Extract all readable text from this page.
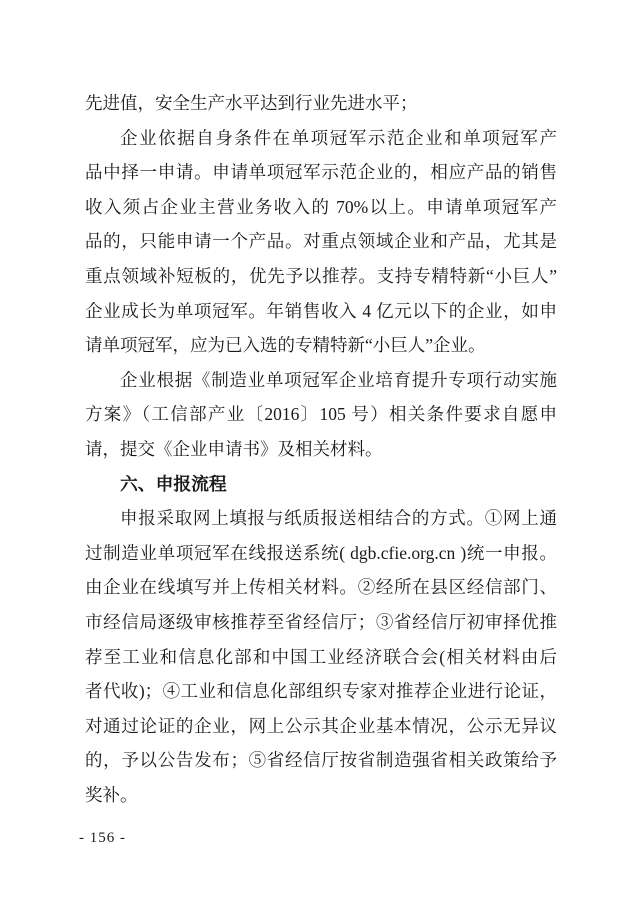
先进值，安全生产水平达到行业先进水平；
企业依据自身条件在单项冠军示范企业和单项冠军产
品中择一申请。申请单项冠军示范企业的，相应产品的销售
收入须占企业主营业务收入的 70%以上。申请单项冠军产
品的，只能申请一个产品。对重点领域企业和产品，尤其是
重点领域补短板的，优先予以推荐。支持专精特新“小巨人”
企业成长为单项冠军。年销售收入 4 亿元以下的企业，如申
请单项冠军，应为已入选的专精特新“小巨人”企业。
企业根据《制造业单项冠军企业培育提升专项行动实施
方案》（工信部产业〔2016〕105 号）相关条件要求自愿申
请，提交《企业申请书》及相关材料。
六、申报流程
申报采取网上填报与纸质报送相结合的方式。①网上通
过制造业单项冠军在线报送系统( dgb.cfie.org.cn )统一申报。
由企业在线填写并上传相关材料。②经所在县区经信部门、
市经信局逐级审核推荐至省经信厅；③省经信厅初审择优推
荐至工业和信息化部和中国工业经济联合会(相关材料由后
者代收)；④工业和信息化部组织专家对推荐企业进行论证，
对通过论证的企业，网上公示其企业基本情况，公示无异议
的，予以公告发布；⑤省经信厅按省制造强省相关政策给予
奖补。
- 156 -
